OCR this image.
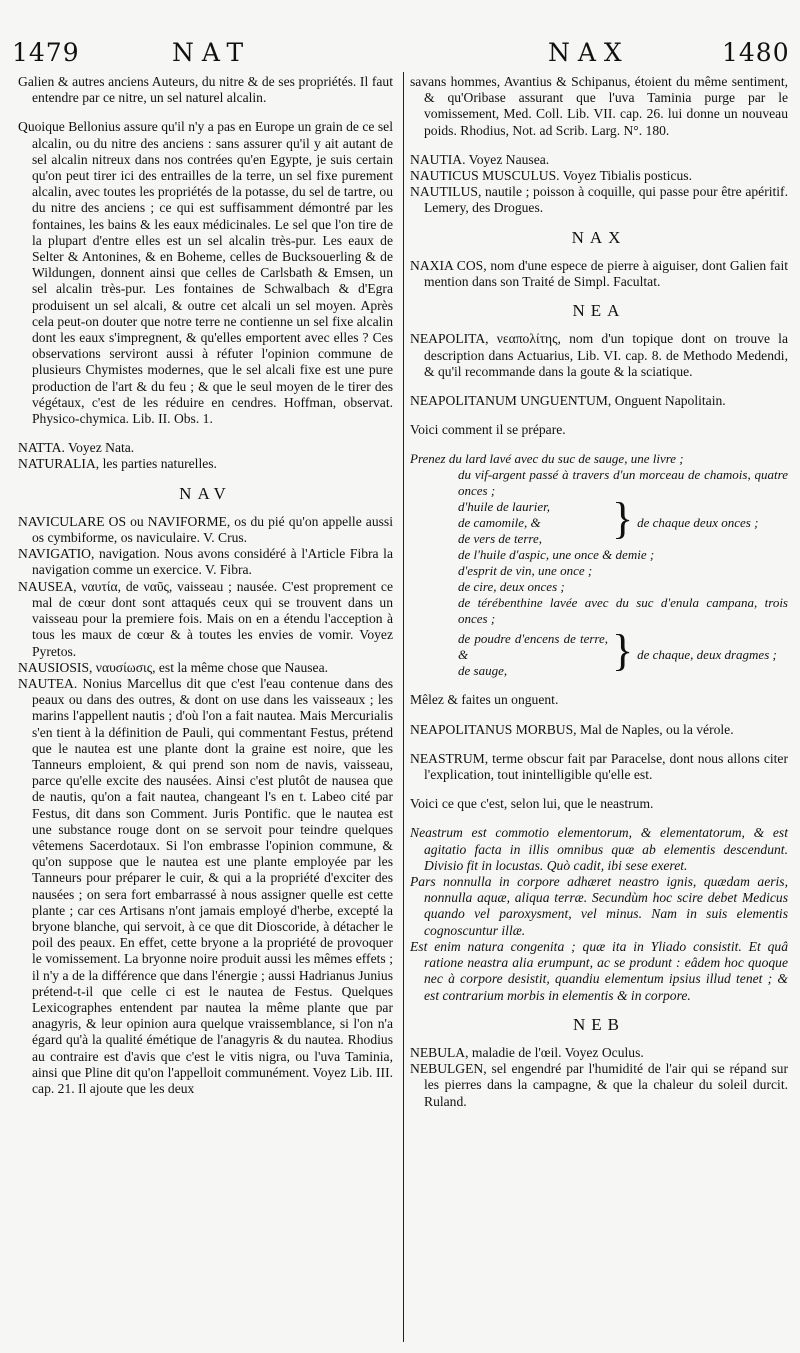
1479	NAT	NAX	1480

Galien & autres anciens Auteurs, du nitre & de ses propriétés. Il faut entendre par ce nitre, un sel naturel alcalin.

Quoique Bellonius assure qu'il n'y a pas en Europe un grain de ce sel alcalin, ou du nitre des anciens : sans assurer qu'il y ait autant de sel alcalin nitreux dans nos contrées qu'en Egypte, je suis certain qu'on peut tirer ici des entrailles de la terre, un sel fixe purement alcalin, avec toutes les propriétés de la potasse, du sel de tartre, ou du nitre des anciens ; ce qui est suffisamment démontré par les fontaines, les bains & les eaux médicinales. Le sel que l'on tire de la plupart d'entre elles est un sel alcalin très-pur. Les eaux de Selter & Antonines, & en Boheme, celles de Bucksouerling & de Wildungen, donnent ainsi que celles de Carlsbath & Emsen, un sel alcalin très-pur. Les fontaines de Schwalbach & d'Egra produisent un sel alcali, & outre cet alcali un sel moyen. Après cela peut-on douter que notre terre ne contienne un sel fixe alcalin dont les eaux s'impregnent, & qu'elles emportent avec elles ? Ces observations serviront aussi à réfuter l'opinion commune de plusieurs Chymistes modernes, que le sel alcali fixe est une pure production de l'art & du feu ; & que le seul moyen de le tirer des végétaux, c'est de les réduire en cendres. Hoffman, observat. Physico-chymica. Lib. II. Obs. 1.

NATTA. Voyez Nata.

NATURALIA, les parties naturelles.

NAV

NAVICULARE OS ou NAVIFORME, os du pié qu'on appelle aussi os cymbiforme, os naviculaire. V. Crus.

NAVIGATIO, navigation. Nous avons considéré à l'Article Fibra la navigation comme un exercice. V. Fibra.

NAUSEA, ναυτία, de ναῦς, vaisseau ; nausée. C'est proprement ce mal de cœur dont sont attaqués ceux qui se trouvent dans un vaisseau pour la premiere fois. Mais on en a étendu l'acception à tous les maux de cœur & à toutes les envies de vomir. Voyez Pyretos.

NAUSIOSIS, ναυσίωσις, est la même chose que Nausea.

NAUTEA. Nonius Marcellus dit que c'est l'eau contenue dans des peaux ou dans des outres, & dont on use dans les vaisseaux ; les marins l'appellent nautis ; d'où l'on a fait nautea. Mais Mercurialis s'en tient à la définition de Pauli, qui commentant Festus, prétend que le nautea est une plante dont la graine est noire, que les Tanneurs emploient, & qui prend son nom de navis, vaisseau, parce qu'elle excite des nausées. Ainsi c'est plutôt de nausea que de nautis, qu'on a fait nautea, changeant l's en t. Labeo cité par Festus, dit dans son Comment. Juris Pontific. que le nautea est une substance rouge dont on se servoit pour teindre quelques vêtemens Sacerdotaux. Si l'on embrasse l'opinion commune, & qu'on suppose que le nautea est une plante employée par les Tanneurs pour préparer le cuir, & qui a la propriété d'exciter des nausées ; on sera fort embarrassé à nous assigner quelle est cette plante ; car ces Artisans n'ont jamais employé d'herbe, excepté la bryone blanche, qui servoit, à ce que dit Dioscoride, à détacher le poil des peaux. En effet, cette bryone a la propriété de provoquer le vomissement. La bryonne noire produit aussi les mêmes effets ; il n'y a de la différence que dans l'énergie ; aussi Hadrianus Junius prétend-t-il que celle ci est le nautea de Festus. Quelques Lexicographes entendent par nautea la même plante que par anagyris, & leur opinion aura quelque vraissemblance, si l'on n'a égard qu'à la qualité émétique de l'anagyris & du nautea. Rhodius au contraire est d'avis que c'est le vitis nigra, ou l'uva Taminia, ainsi que Pline dit qu'on l'appelloit communément. Voyez Lib. III. cap. 21. Il ajoute que les deux

savans hommes, Avantius & Schipanus, étoient du même sentiment, & qu'Oribase assurant que l'uva Taminia purge par le vomissement, Med. Coll. Lib. VII. cap. 26. lui donne un nouveau poids. Rhodius, Not. ad Scrib. Larg. N°. 180.

NAUTIA. Voyez Nausea.

NAUTICUS MUSCULUS. Voyez Tibialis posticus.

NAUTILUS, nautile ; poisson à coquille, qui passe pour être apéritif. Lemery, des Drogues.

NAX

NAXIA COS, nom d'une espece de pierre à aiguiser, dont Galien fait mention dans son Traité de Simpl. Facultat.

NEA

NEAPOLITA, νεαπολίτης, nom d'un topique dont on trouve la description dans Actuarius, Lib. VI. cap. 8. de Methodo Medendi, & qu'il recommande dans la goute & la sciatique.

NEAPOLITANUM UNGUENTUM, Onguent Napolitain.

Voici comment il se prépare.

Prenez du lard lavé avec du suc de sauge, une livre ;
du vif-argent passé à travers d'un morceau de chamois, quatre onces ;
d'huile de laurier,
de camomile, &
de vers de terre,	} de chaque deux onces ;
de l'huile d'aspic, une once & demie ;
d'esprit de vin, une once ;
de cire, deux onces ;
de térébenthine lavée avec du suc d'enula campana, trois onces ;
de poudre d'encens de terre, &
de sauge,	} de chaque, deux dragmes ;

Mêlez & faites un onguent.

NEAPOLITANUS MORBUS, Mal de Naples, ou la vérole.

NEASTRUM, terme obscur fait par Paracelse, dont nous allons citer l'explication, tout inintelligible qu'elle est.

Voici ce que c'est, selon lui, que le neastrum.

Neastrum est commotio elementorum, & elementatorum, & est agitatio facta in illis omnibus quæ ab elementis descendunt. Divisio fit in locustas. Quò cadit, ibi sese exeret.

Pars nonnulla in corpore adhæret neastro ignis, quædam aeris, nonnulla aquæ, aliqua terræ. Secundùm hoc scire debet Medicus quando vel paroxysment, vel minus. Nam in suis elementis cognoscuntur illæ.

Est enim natura congenita ; quæ ita in Yliado consistit. Et quâ ratione neastra alia erumpunt, ac se produnt : eâdem hoc quoque nec à corpore desistit, quandiu elementum ipsius illud tenet ; & est contrarium morbis in elementis & in corpore.

NEB

NEBULA, maladie de l'œil. Voyez Oculus.

NEBULGEN, sel engendré par l'humidité de l'air qui se répand sur les pierres dans la campagne, & que la chaleur du soleil durcit. Ruland.
